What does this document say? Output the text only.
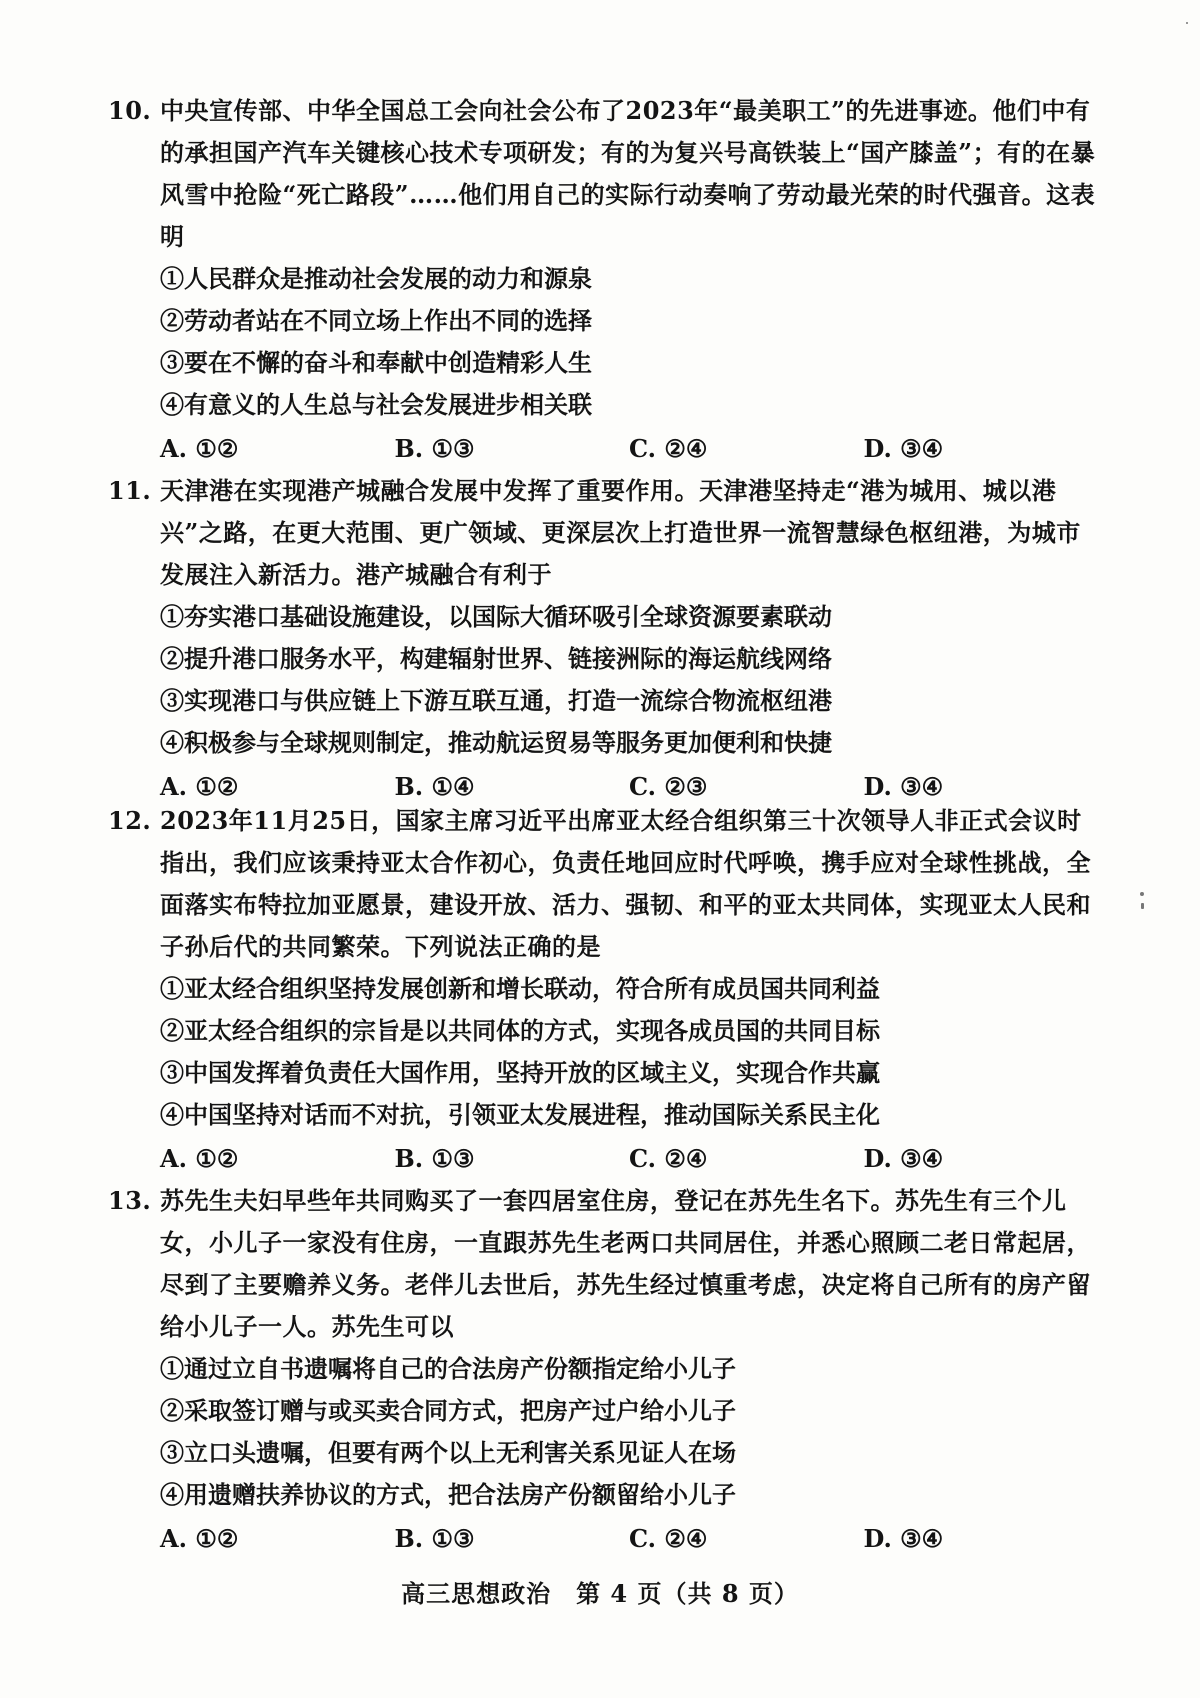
10. 中央宣传部、中华全国总工会向社会公布了2023年“最美职工”的先进事迹。他们中有的承担国产汽车关键核心技术专项研发；有的为复兴号高铁装上“国产膝盖”；有的在暴风雪中抢险“死亡路段”……他们用自己的实际行动奏响了劳动最光荣的时代强音。这表明
①人民群众是推动社会发展的动力和源泉
②劳动者站在不同立场上作出不同的选择
③要在不懈的奋斗和奉献中创造精彩人生
④有意义的人生总与社会发展进步相关联
A. ①②	B. ①③	C. ②④	D. ③④
11. 天津港在实现港产城融合发展中发挥了重要作用。天津港坚持走“港为城用、城以港兴”之路，在更大范围、更广领域、更深层次上打造世界一流智慧绿色枢纽港，为城市发展注入新活力。港产城融合有利于
①夯实港口基础设施建设，以国际大循环吸引全球资源要素联动
②提升港口服务水平，构建辐射世界、链接洲际的海运航线网络
③实现港口与供应链上下游互联互通，打造一流综合物流枢纽港
④积极参与全球规则制定，推动航运贸易等服务更加便利和快捷
A. ①②	B. ①④	C. ②③	D. ③④
12. 2023年11月25日，国家主席习近平出席亚太经合组织第三十次领导人非正式会议时指出，我们应该秉持亚太合作初心，负责任地回应时代呼唤，携手应对全球性挑战，全面落实布特拉加亚愿景，建设开放、活力、强韧、和平的亚太共同体，实现亚太人民和子孙后代的共同繁荣。下列说法正确的是
①亚太经合组织坚持发展创新和增长联动，符合所有成员国共同利益
②亚太经合组织的宗旨是以共同体的方式，实现各成员国的共同目标
③中国发挥着负责任大国作用，坚持开放的区域主义，实现合作共赢
④中国坚持对话而不对抗，引领亚太发展进程，推动国际关系民主化
A. ①②	B. ①③	C. ②④	D. ③④
13. 苏先生夫妇早些年共同购买了一套四居室住房，登记在苏先生名下。苏先生有三个儿女，小儿子一家没有住房，一直跟苏先生老两口共同居住，并悉心照顾二老日常起居，尽到了主要赡养义务。老伴儿去世后，苏先生经过慎重考虑，决定将自己所有的房产留给小儿子一人。苏先生可以
①通过立自书遗嘱将自己的合法房产份额指定给小儿子
②采取签订赠与或买卖合同方式，把房产过户给小儿子
③立口头遗嘱，但要有两个以上无利害关系见证人在场
④用遗赠扶养协议的方式，把合法房产份额留给小儿子
A. ①②	B. ①③	C. ②④	D. ③④
高三思想政治　第 4 页（共 8 页）
